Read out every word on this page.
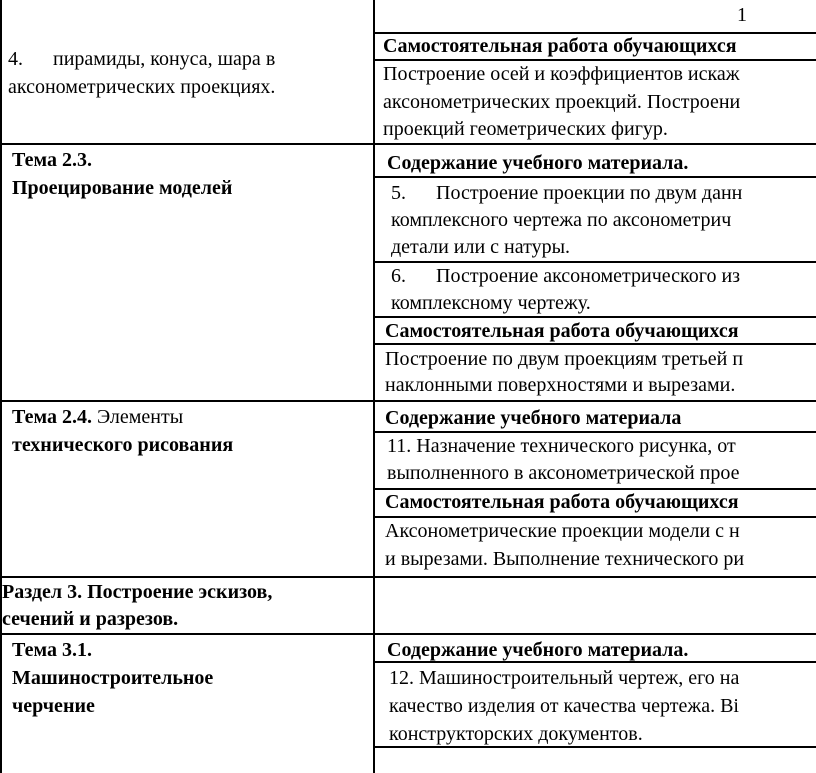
1
4.      пирамиды, конуса, шара в
аксонометрических проекциях.
Самостоятельная работа обучающихся
Построение осей и коэффициентов искаж
аксонометрических проекций. Построени
проекций геометрических фигур.
Тема 2.3.
Проецирование моделей
Содержание учебного материала.
5.      Построение проекции по двум данн
комплексного чертежа по аксонометрич
детали или с натуры.
6.      Построение аксонометрического из
комплексному чертежу.
Самостоятельная работа обучающихся
Построение по двум проекциям третьей п
наклонными поверхностями и вырезами.
Тема 2.4. Элементы
технического рисования
Содержание учебного материала
11. Назначение технического рисунка, от
выполненного в аксонометрической прое
Самостоятельная работа обучающихся
Аксонометрические проекции модели с н
и вырезами. Выполнение технического ри
Раздел 3. Построение эскизов,
сечений и разрезов.
Тема 3.1.
Машиностроительное
черчение
Содержание учебного материала.
12. Машиностроительный чертеж, его на
качество изделия от качества чертежа. Ві
конструкторских документов.
